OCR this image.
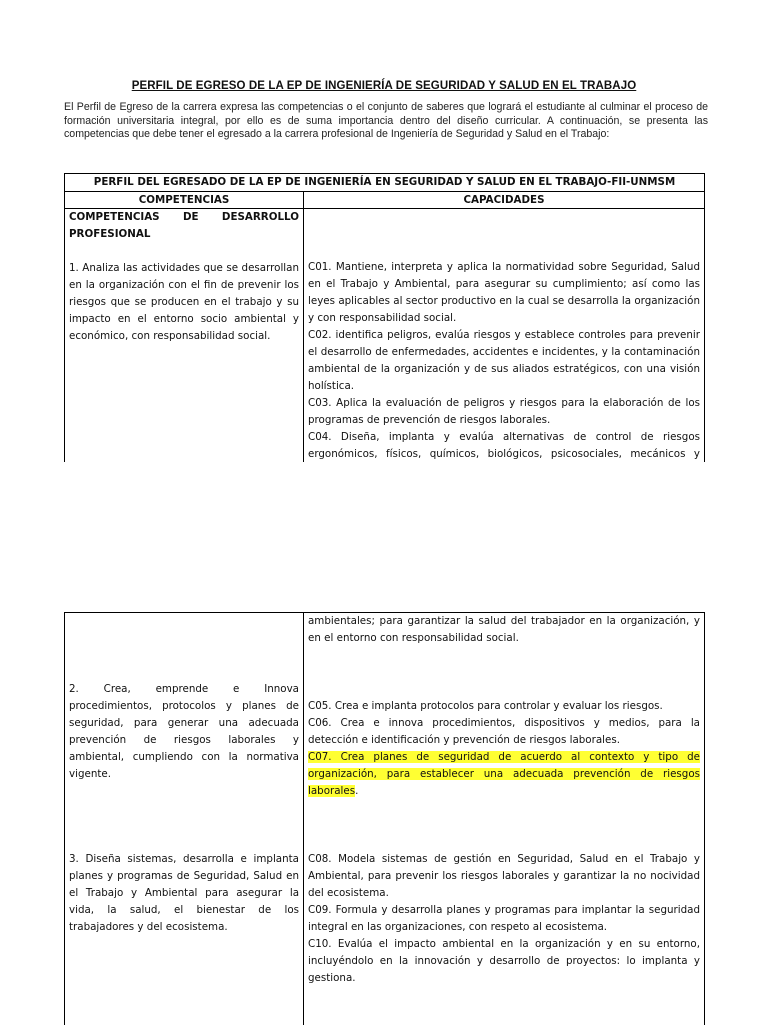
PERFIL DE EGRESO DE LA EP DE INGENIERÍA DE SEGURIDAD Y SALUD EN EL TRABAJO
El Perfil de Egreso de la carrera expresa las competencias o el conjunto de saberes que logrará el estudiante al culminar el proceso de formación universitaria integral, por ello es de suma importancia dentro del diseño curricular. A continuación, se presenta las competencias que debe tener el egresado a la carrera profesional de Ingeniería de Seguridad y Salud en el Trabajo:
PERFIL DEL EGRESADO DE LA EP DE INGENIERÍA EN SEGURIDAD Y SALUD EN EL TRABAJO-FII-UNMSM
COMPETENCIAS	CAPACIDADES

COMPETENCIAS DE DESARROLLO PROFESIONAL

1. Analiza las actividades que se desarrollan en la organización con el fin de prevenir los riesgos que se producen en el trabajo y su impacto en el entorno socio ambiental y económico, con responsabilidad social.

C01. Mantiene, interpreta y aplica la normatividad sobre Seguridad, Salud en el Trabajo y Ambiental, para asegurar su cumplimiento; así como las leyes aplicables al sector productivo en la cual se desarrolla la organización y con responsabilidad social.

C02. identifica peligros, evalúa riesgos y establece controles para prevenir el desarrollo de enfermedades, accidentes e incidentes, y la contaminación ambiental de la organización y de sus aliados estratégicos, con una visión holística.

C03. Aplica la evaluación de peligros y riesgos para la elaboración de los programas de prevención de riesgos laborales.

C04. Diseña, implanta y evalúa alternativas de control de riesgos ergonómicos, físicos, químicos, biológicos, psicosociales, mecánicos y

2. Crea, emprende e Innova procedimientos, protocolos y planes de seguridad, para generar una adecuada prevención de riesgos laborales y ambiental, cumpliendo con la normativa vigente.

3. Diseña sistemas, desarrolla e implanta planes y programas de Seguridad, Salud en el Trabajo y Ambiental para asegurar la vida, la salud, el bienestar de los trabajadores y del ecosistema.

ambientales; para garantizar la salud del trabajador en la organización, y en el entorno con responsabilidad social.

C05. Crea e implanta protocolos para controlar y evaluar los riesgos.

C06. Crea e innova procedimientos, dispositivos y medios, para la detección e identificación y prevención de riesgos laborales.

C07. Crea planes de seguridad de acuerdo al contexto y tipo de organización, para establecer una adecuada prevención de riesgos laborales.

C08. Modela sistemas de gestión en Seguridad, Salud en el Trabajo y Ambiental, para prevenir los riesgos laborales y garantizar la no nocividad del ecosistema.

C09. Formula y desarrolla planes y programas para implantar la seguridad integral en las organizaciones, con respeto al ecosistema.

C10. Evalúa el impacto ambiental en la organización y en su entorno, incluyéndolo en la innovación y desarrollo de proyectos: lo implanta y gestiona.
